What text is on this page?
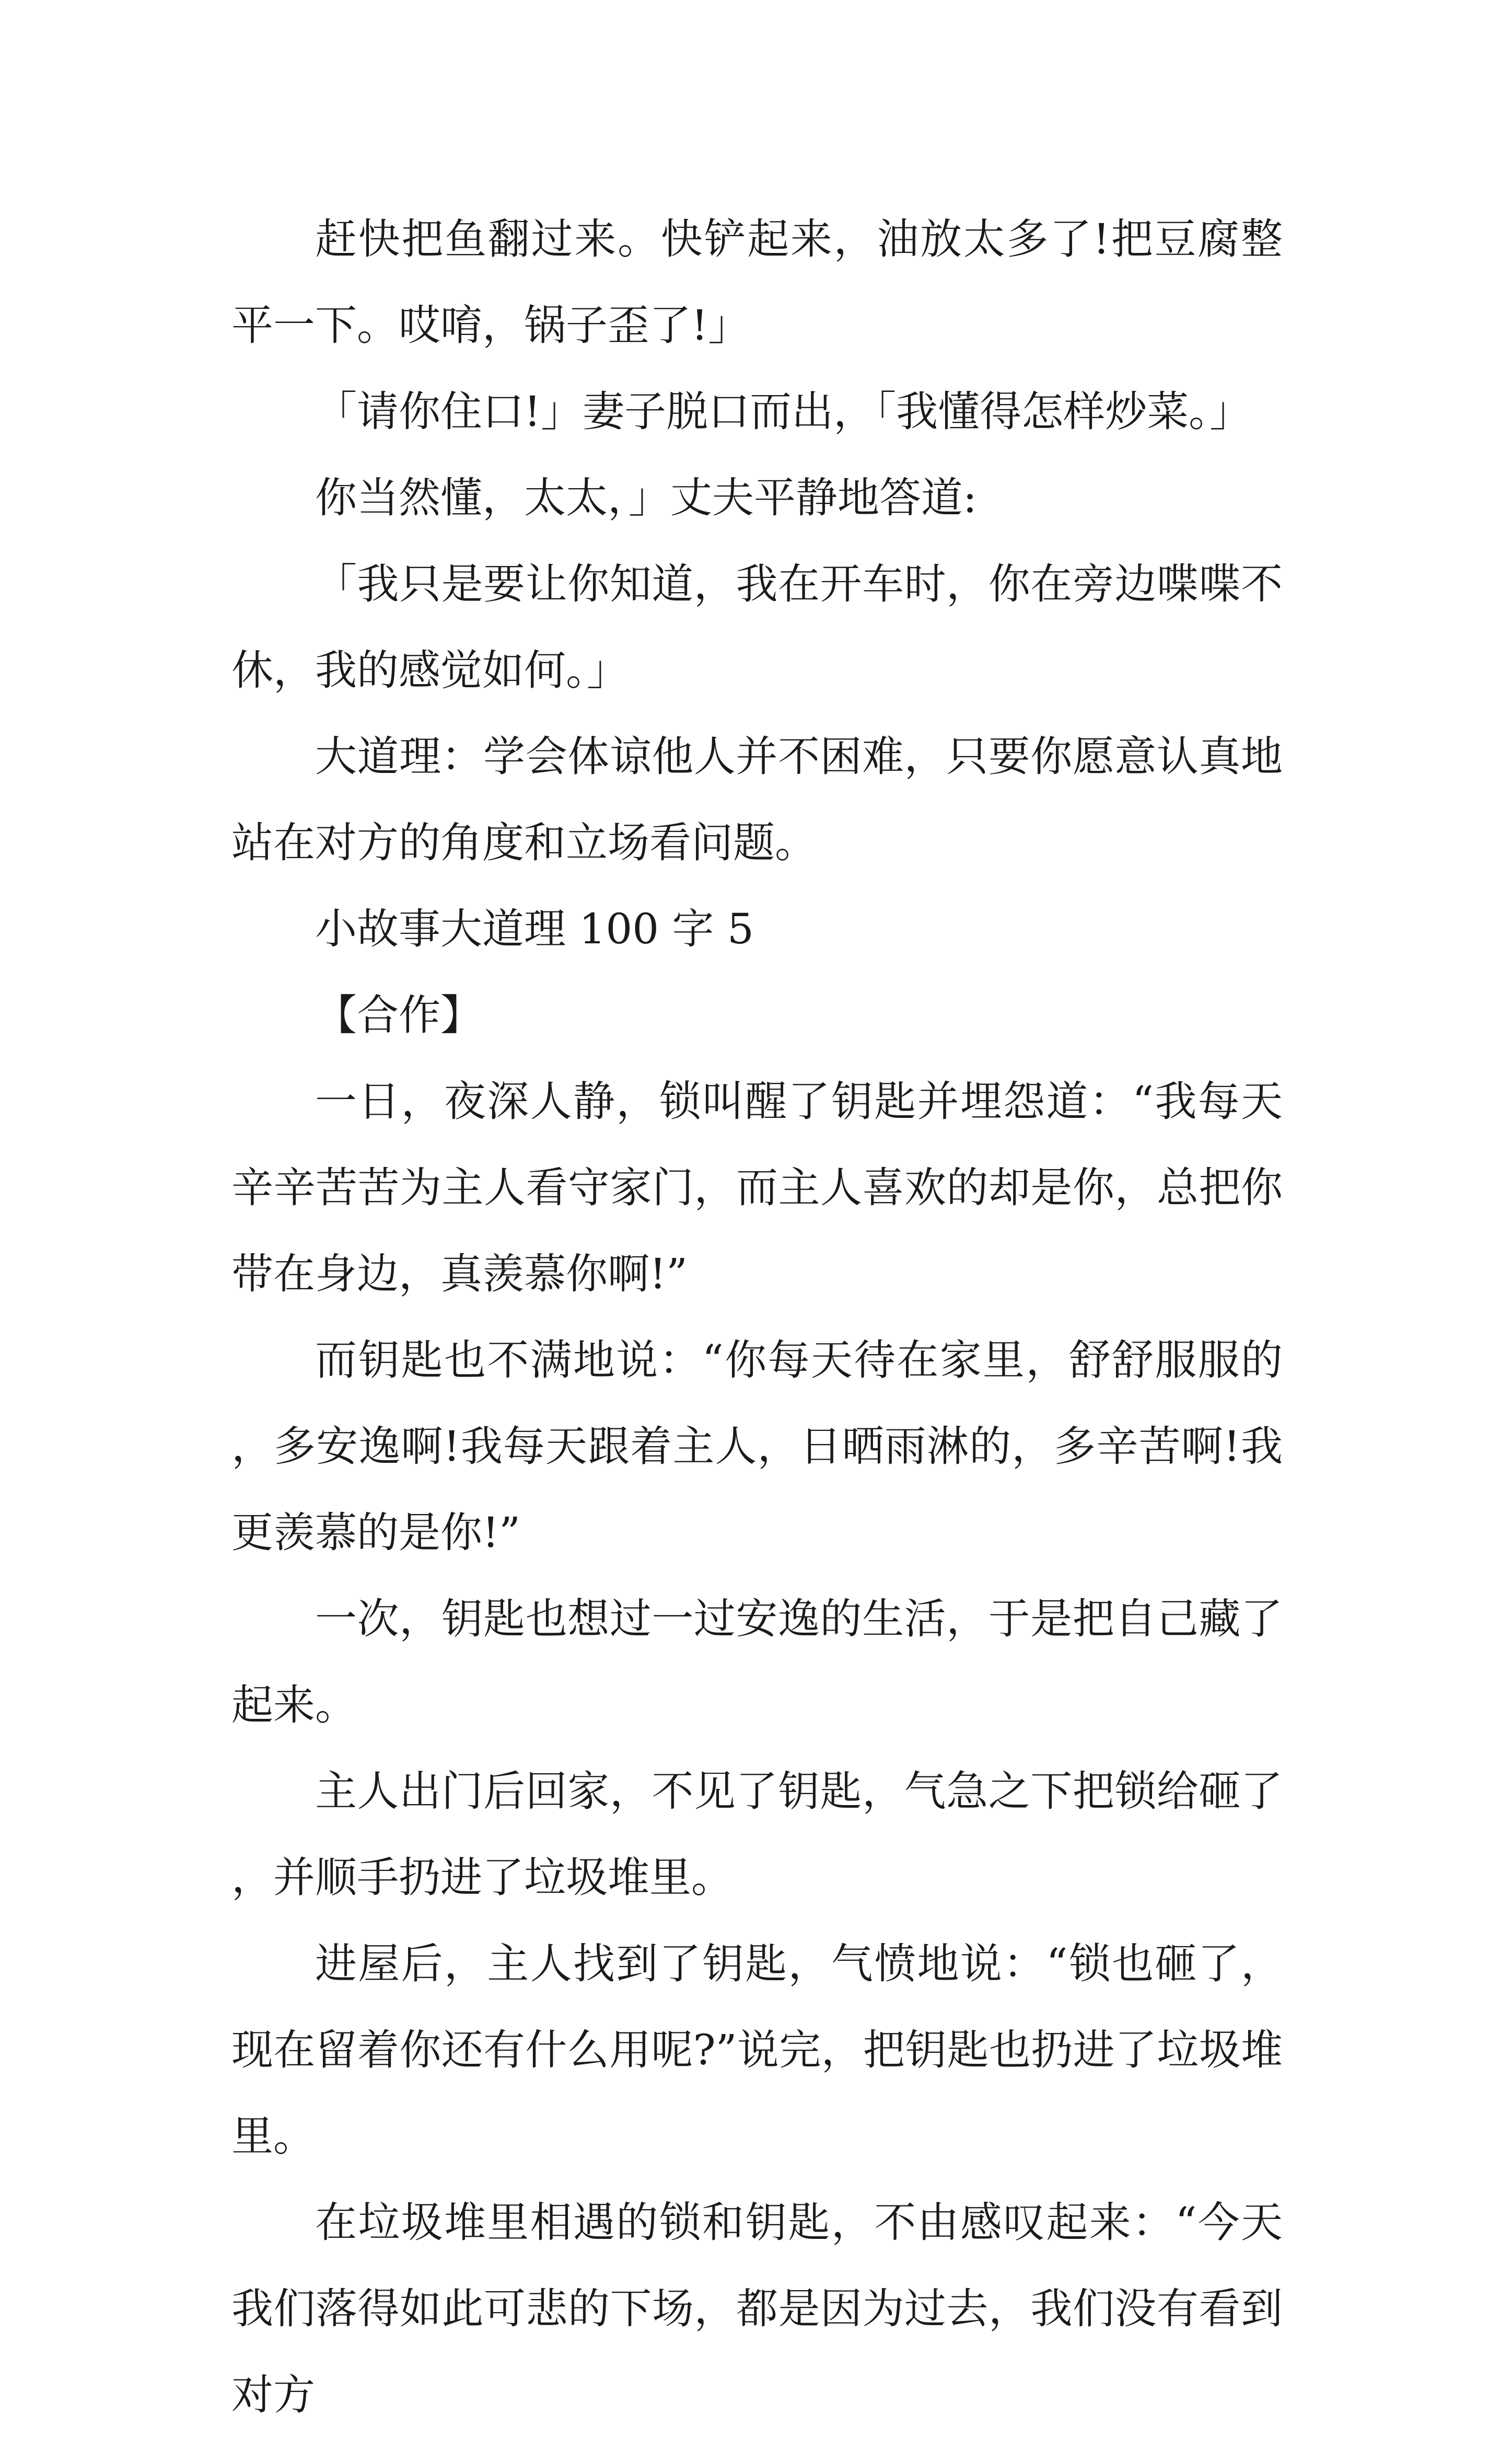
赶快把鱼翻过来。快铲起来，油放太多了!把豆腐整平一下。哎唷，锅子歪了!」

「请你住口!」妻子脱口而出，「我懂得怎样炒菜。」

你当然懂，太太，」丈夫平静地答道:

「我只是要让你知道，我在开车时，你在旁边喋喋不休，我的感觉如何。」

大道理：学会体谅他人并不困难，只要你愿意认真地站在对方的角度和立场看问题。

小故事大道理 100 字 5

【合作】

一日，夜深人静，锁叫醒了钥匙并埋怨道：“我每天辛辛苦苦为主人看守家门，而主人喜欢的却是你，总把你带在身边，真羡慕你啊!”

而钥匙也不满地说：“你每天待在家里，舒舒服服的，多安逸啊!我每天跟着主人，日晒雨淋的，多辛苦啊!我更羡慕的是你!”

一次，钥匙也想过一过安逸的生活，于是把自己藏了起来。

主人出门后回家，不见了钥匙，气急之下把锁给砸了，并顺手扔进了垃圾堆里。

进屋后，主人找到了钥匙，气愤地说：“锁也砸了，现在留着你还有什么用呢?”说完，把钥匙也扔进了垃圾堆里。

在垃圾堆里相遇的锁和钥匙，不由感叹起来：“今天我们落得如此可悲的下场，都是因为过去，我们没有看到对方
